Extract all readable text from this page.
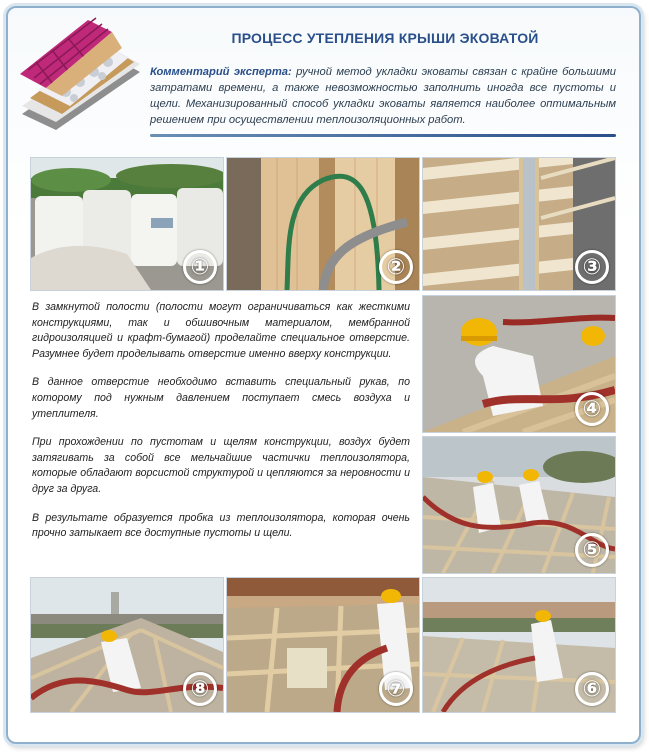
ПРОЦЕСС УТЕПЛЕНИЯ КРЫШИ ЭКОВАТОЙ
Комментарий эксперта: ручной метод укладки эковаты связан с крайне большими затратами времени, а также невозможностью заполнить иногда все пустоты и щели. Механизированный способ укладки эковаты является наиболее оптимальным решением при осуществлении теплоизоляционных работ.
①	②	③
④
⑤
⑥
⑦
⑧

В замкнутой полости (полости могут ограничиваться как жесткими конструкциями, так и обшивочным материалом, мембранной гидроизоляцией и крафт-бумагой) проделайте специальное отверстие. Разумнее будет проделывать отверстие именно вверху конструкции.

В данное отверстие необходимо вставить специальный рукав, по которому под нужным давлением поступает смесь воздуха и утеплителя.

При прохождении по пустотам и щелям конструкции, воздух будет затягивать за собой все мельчайшие частички теплоизолятора, которые обладают ворсистой структурой и цепляются за неровности и друг за друга.

В результате образуется пробка из теплоизолятора, которая очень прочно затыкает все доступные пустоты и щели.
